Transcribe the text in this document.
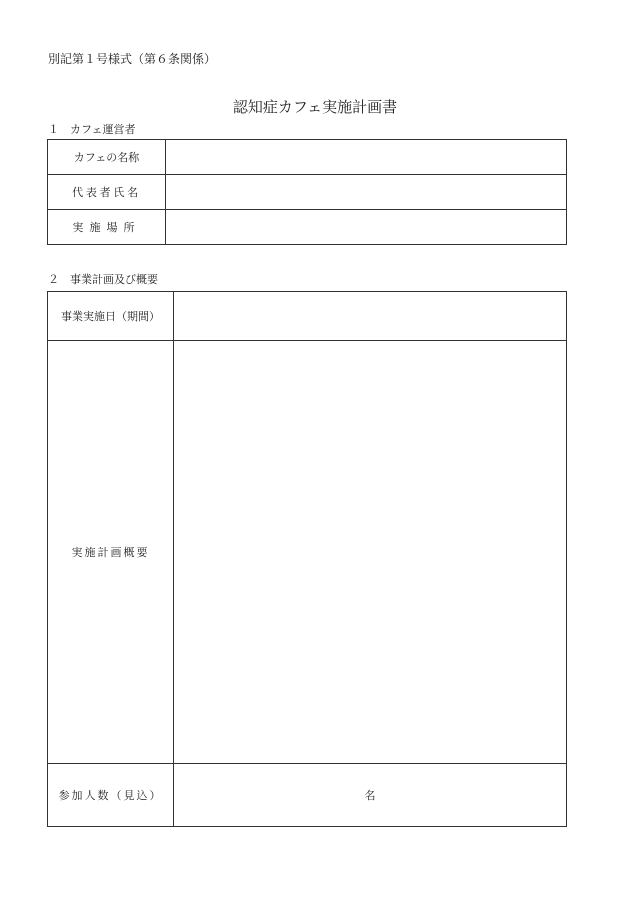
別記第１号様式（第６条関係）
認知症カフェ実施計画書
１ カフェ運営者
カフェの名称	
代表者氏名	
実施場所	
２ 事業計画及び概要
事業実施日（期間）	
実施計画概要	
参加人数（見込）	名
